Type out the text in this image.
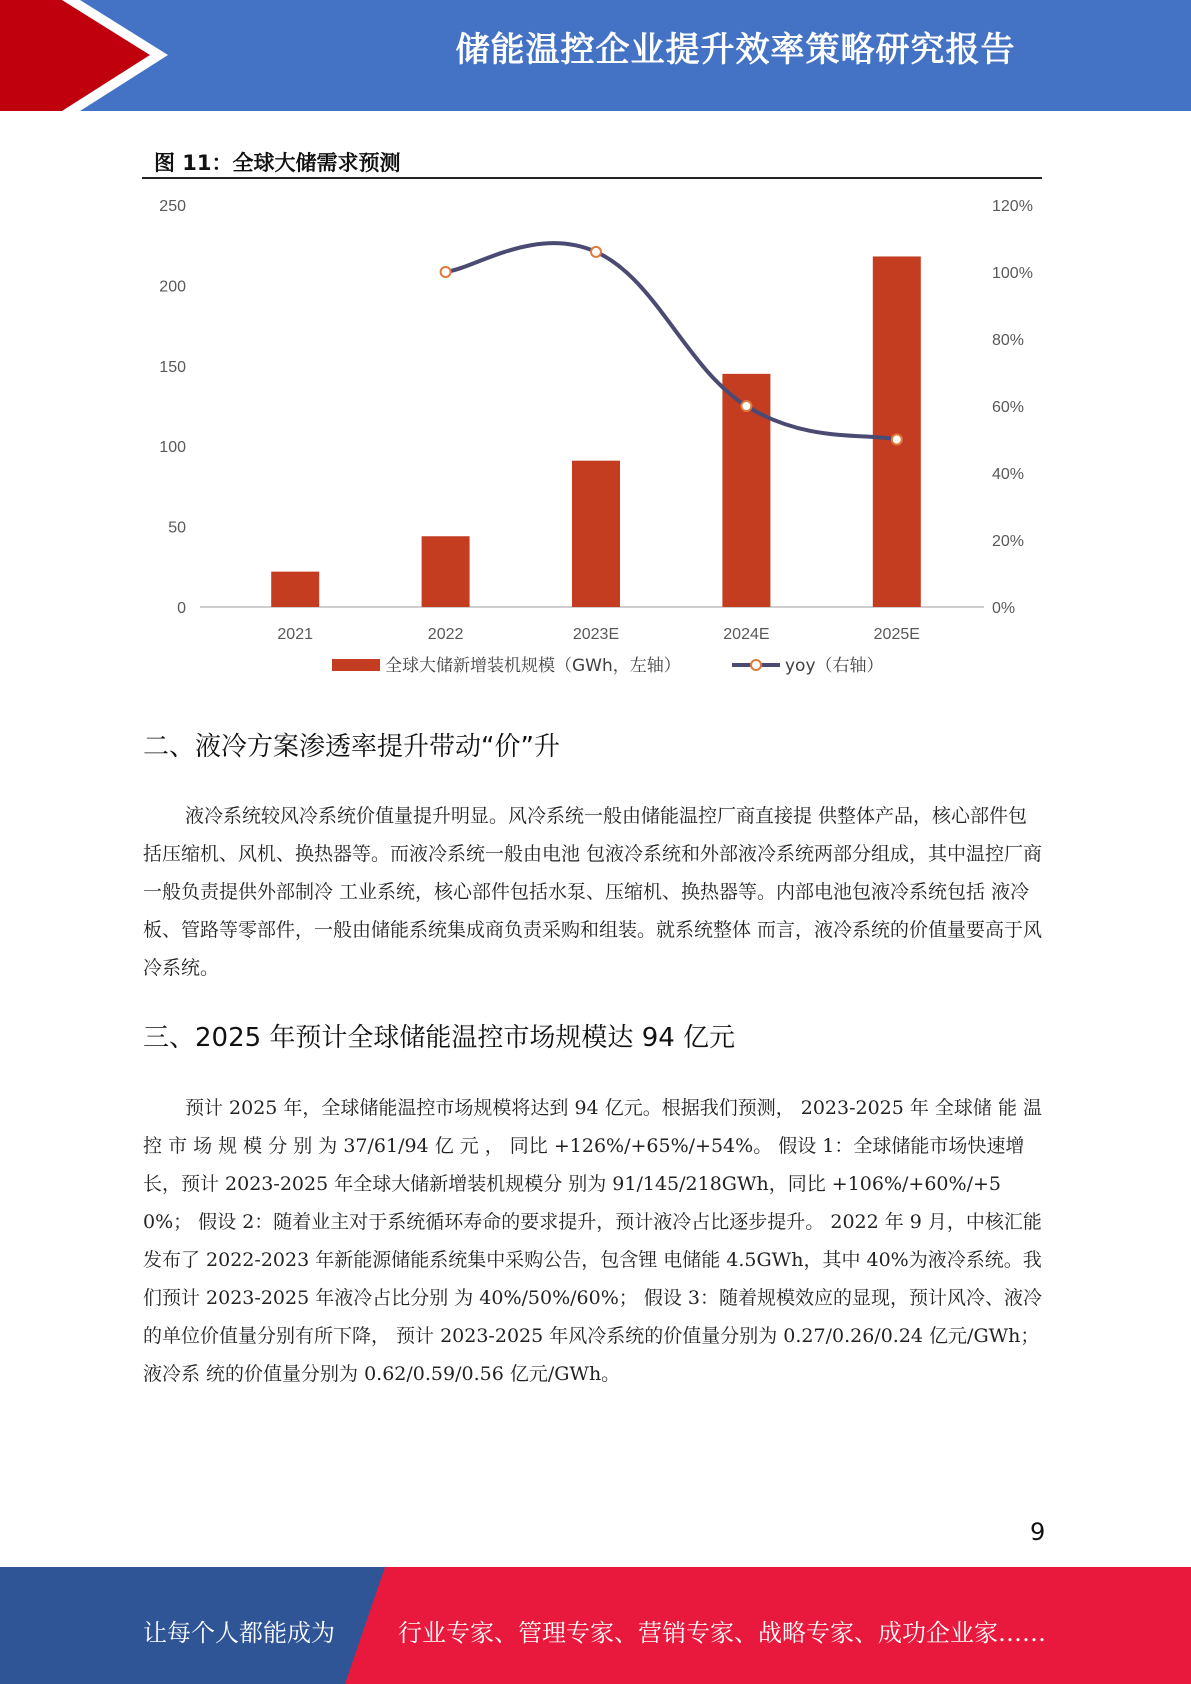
储能温控企业提升效率策略研究报告
图 11：全球大储需求预测
0
50
100
150
200
250
0%
20%
40%
60%
80%
100%
120%
2021	2022	2023E	2024E	2025E
全球大储新增装机规模（GWh，左轴）	yoy（右轴）
二、液冷方案渗透率提升带动“价”升

液冷系统较风冷系统价值量提升明显。风冷系统一般由储能温控厂商直接提 供整体产品，核心部件包括压缩机、风机、换热器等。而液冷系统一般由电池 包液冷系统和外部液冷系统两部分组成，其中温控厂商一般负责提供外部制冷 工业系统，核心部件包括水泵、压缩机、换热器等。内部电池包液冷系统包括 液冷板、管路等零部件，一般由储能系统集成商负责采购和组装。就系统整体 而言，液冷系统的价值量要高于风冷系统。

三、2025 年预计全球储能温控市场规模达 94 亿元

预计 2025 年，全球储能温控市场规模将达到 94 亿元。根据我们预测， 2023-2025 年 全球储 能 温 控 市 场 规 模 分 别 为 37/61/94 亿 元 ， 同比 +126%/+65%/+54%。 假设 1：全球储能市场快速增长，预计 2023-2025 年全球大储新增装机规模分 别为 91/145/218GWh，同比 +106%/+60%/+50%； 假设 2：随着业主对于系统循环寿命的要求提升，预计液冷占比逐步提升。 2022 年 9 月，中核汇能发布了 2022-2023 年新能源储能系统集中采购公告，包含锂 电储能 4.5GWh，其中 40%为液冷系统。我们预计 2023-2025 年液冷占比分别 为 40%/50%/60%； 假设 3：随着规模效应的显现，预计风冷、液冷的单位价值量分别有所下降， 预计 2023-2025 年风冷系统的价值量分别为 0.27/0.26/0.24 亿元/GWh；液冷系 统的价值量分别为 0.62/0.59/0.56 亿元/GWh。

9
让每个人都能成为	行业专家、管理专家、营销专家、战略专家、成功企业家……
